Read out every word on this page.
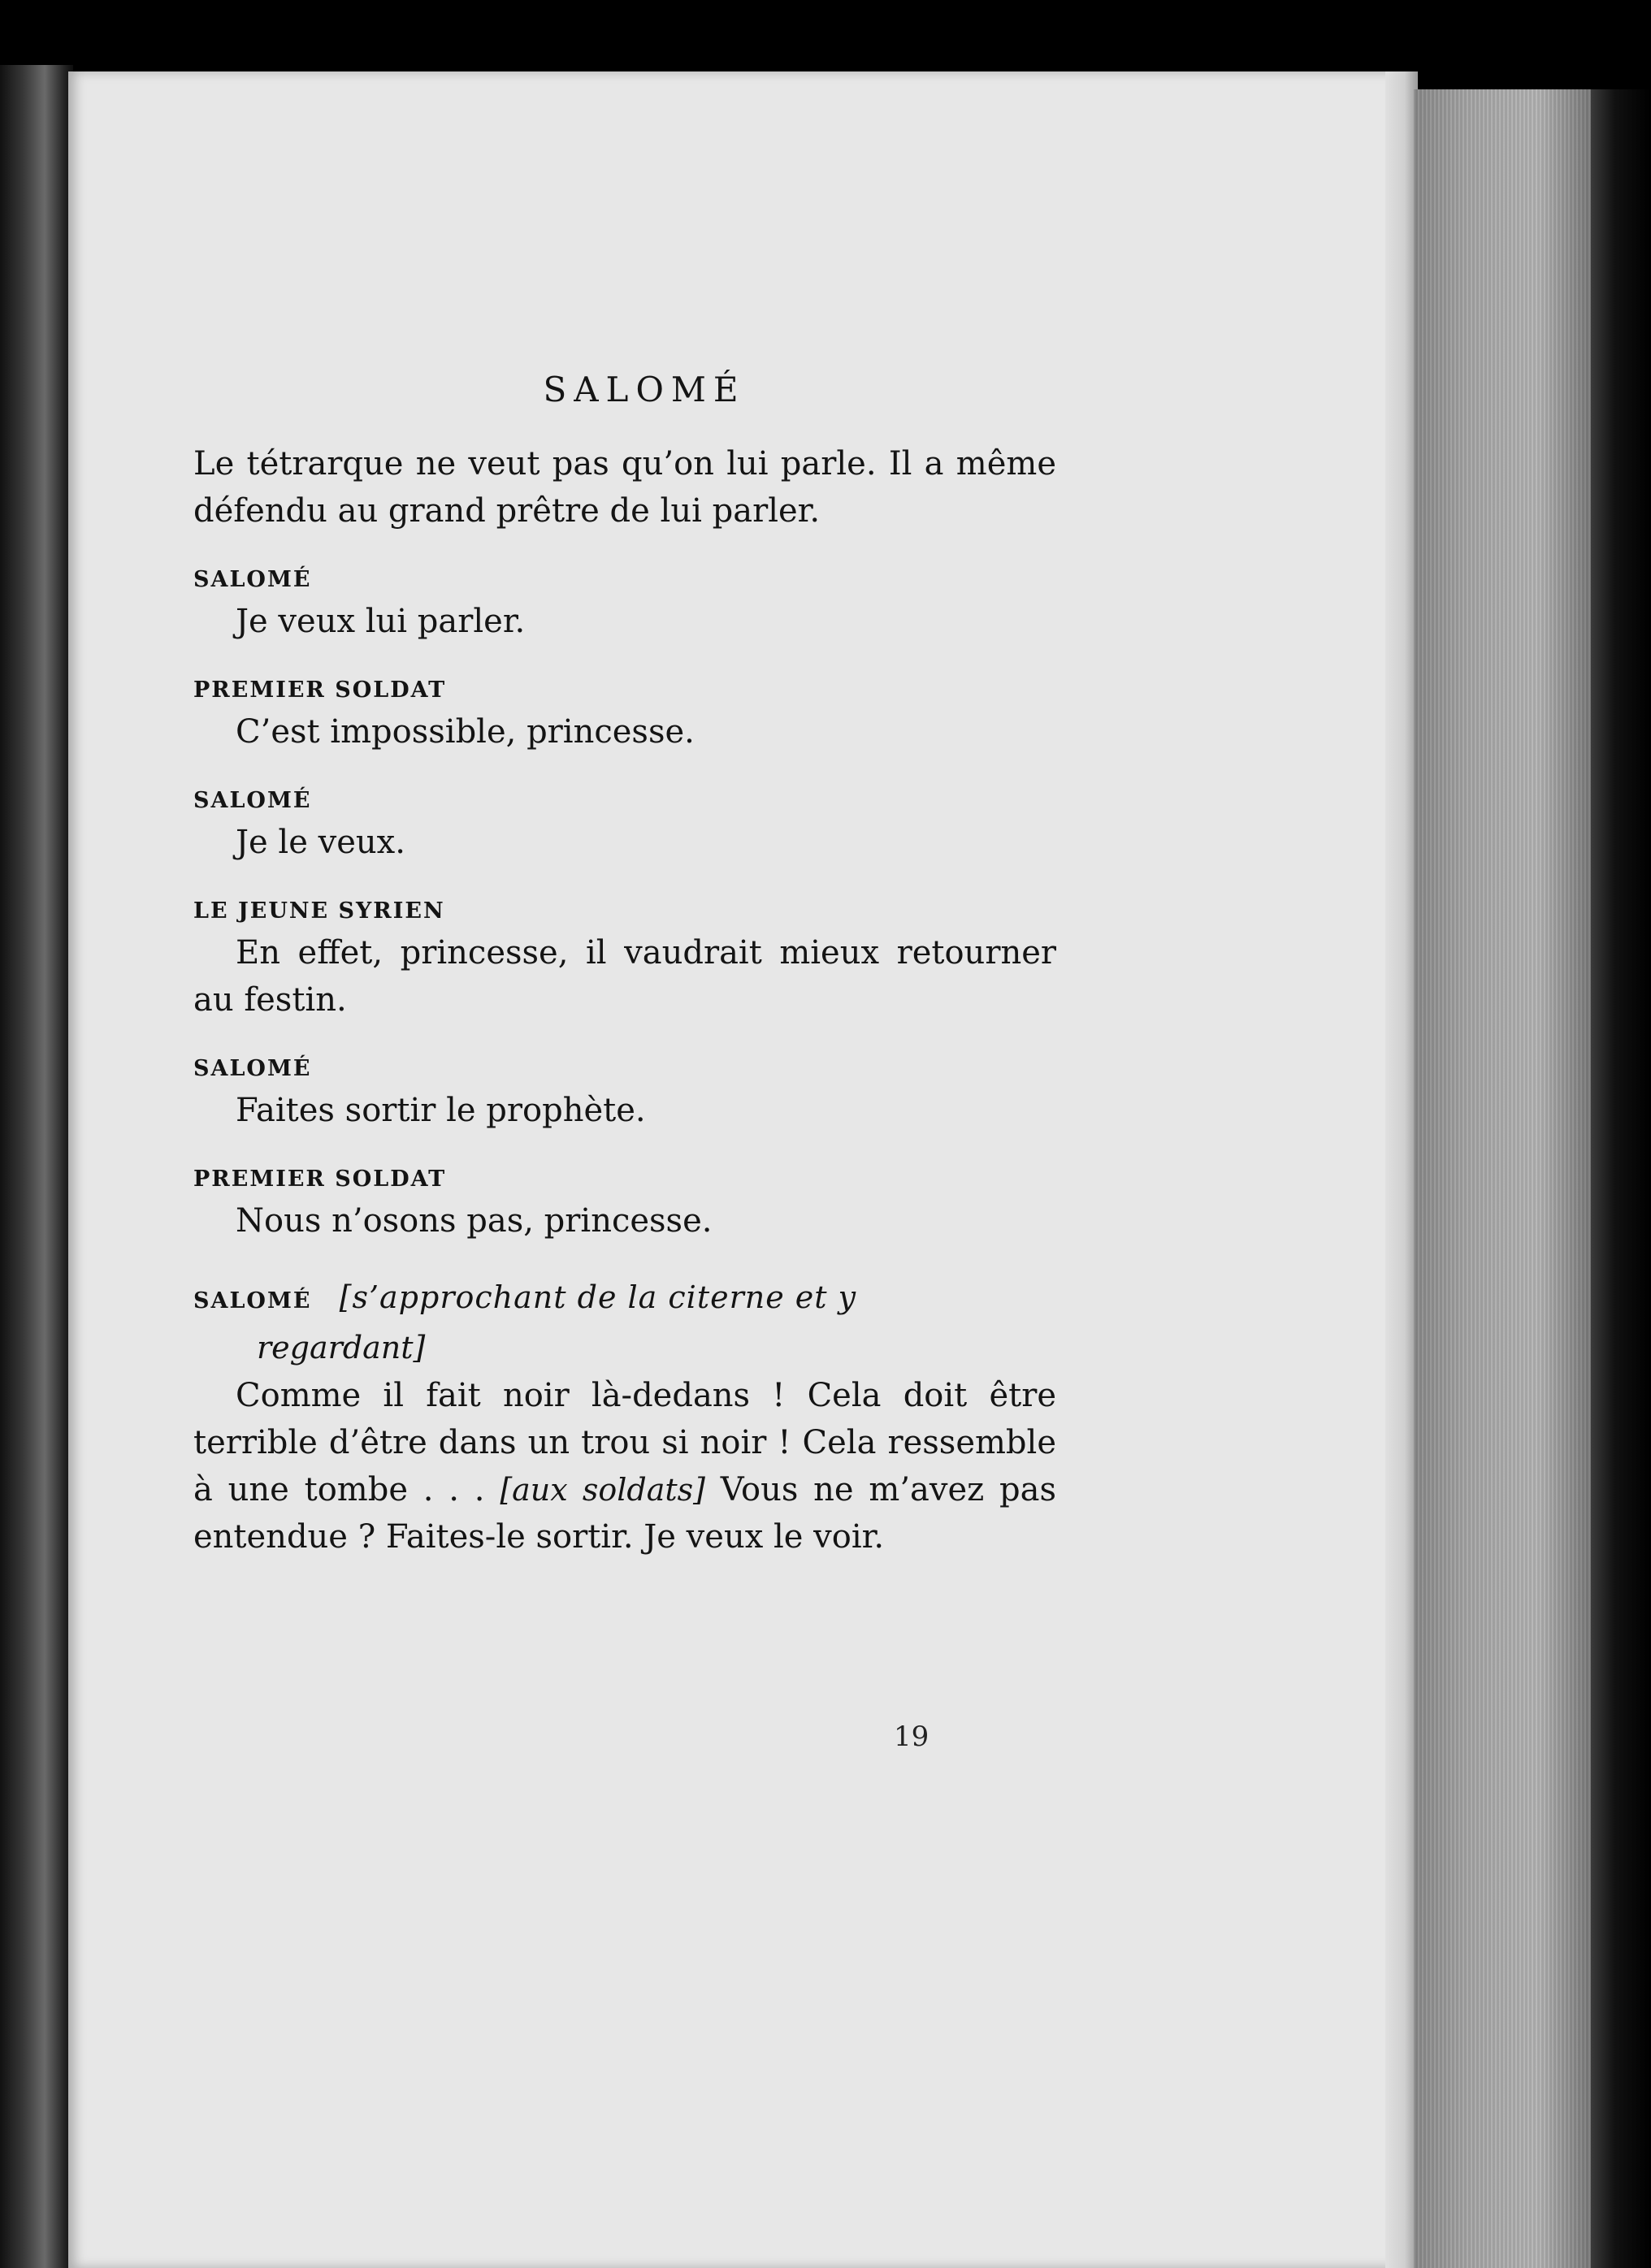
SALOMÉ

Le tétrarque ne veut pas qu’on lui parle. Il a même défendu au grand prêtre de lui parler.

SALOMÉ

Je veux lui parler.

PREMIER SOLDAT

C’est impossible, princesse.

SALOMÉ

Je le veux.

LE JEUNE SYRIEN

En effet, princesse, il vaudrait mieux retourner au festin.

SALOMÉ

Faites sortir le prophète.

PREMIER SOLDAT

Nous n’osons pas, princesse.

SALOMÉ [s’approchant de la citerne et y
regardant]

Comme il fait noir là-dedans ! Cela doit être terrible d’être dans un trou si noir ! Cela ressemble à une tombe . . . [aux soldats] Vous ne m’avez pas entendue ? Faites-le sortir. Je veux le voir.

19
